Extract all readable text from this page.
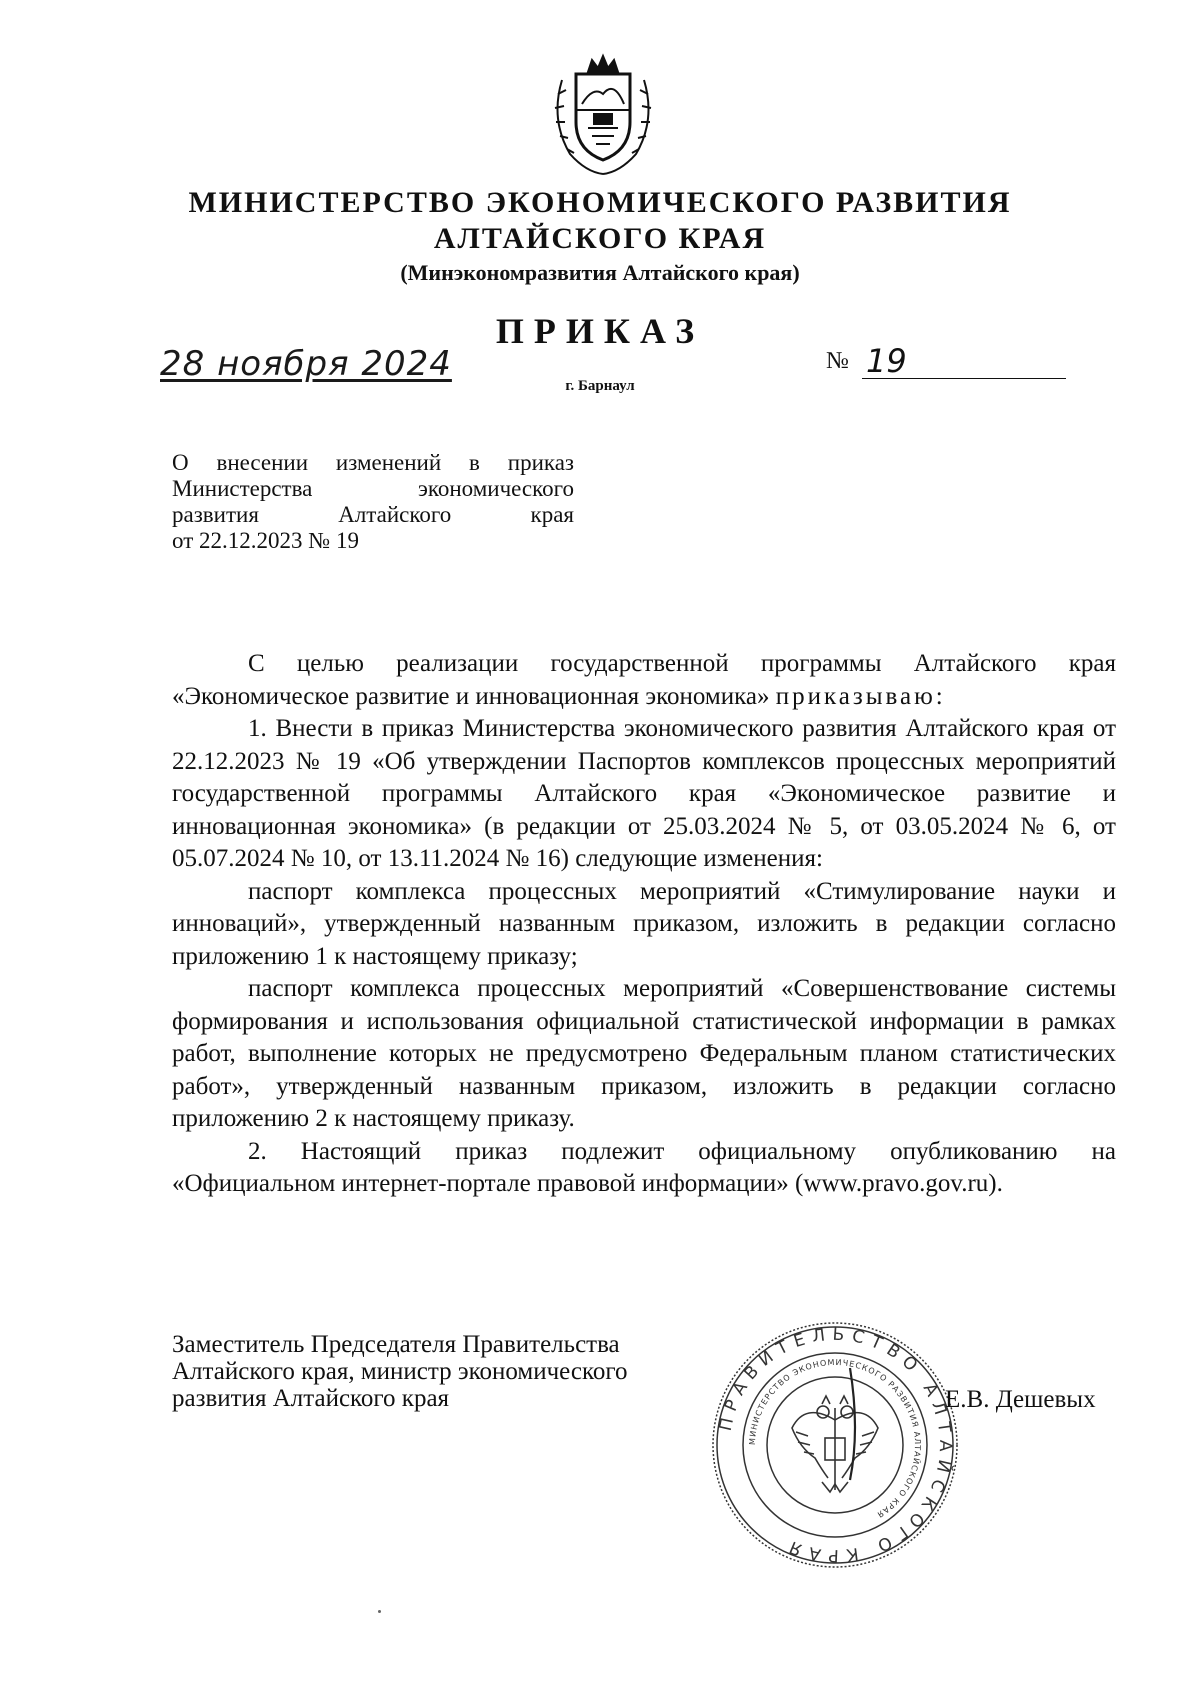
МИНИСТЕРСТВО ЭКОНОМИЧЕСКОГО РАЗВИТИЯ
АЛТАЙСКОГО КРАЯ
(Минэкономразвития Алтайского края)
ПРИКАЗ
28 ноября 2024	№ 19
г. Барнаул
О внесении изменений в приказ
Министерства экономического
развития Алтайского края
от 22.12.2023 № 19

С целью реализации государственной программы Алтайского края «Экономическое развитие и инновационная экономика» приказываю:

1. Внести в приказ Министерства экономического развития Алтайского края от 22.12.2023 № 19 «Об утверждении Паспортов комплексов процессных мероприятий государственной программы Алтайского края «Экономическое развитие и инновационная экономика» (в редакции от 25.03.2024 № 5, от 03.05.2024 № 6, от 05.07.2024 № 10, от 13.11.2024 № 16) следующие изменения:

паспорт комплекса процессных мероприятий «Стимулирование науки и инноваций», утвержденный названным приказом, изложить в редакции согласно приложению 1 к настоящему приказу;

паспорт комплекса процессных мероприятий «Совершенствование системы формирования и использования официальной статистической информации в рамках работ, выполнение которых не предусмотрено Федеральным планом статистических работ», утвержденный названным приказом, изложить в редакции согласно приложению 2 к настоящему приказу.

2. Настоящий приказ подлежит официальному опубликованию на «Официальном интернет-портале правовой информации» (www.pravo.gov.ru).

Заместитель Председателя Правительства
Алтайского края, министр экономического
развития Алтайского края
ПРАВИТЕЛЬСТВО АЛТАЙСКОГО КРАЯ
МИНИСТЕРСТВО ЭКОНОМИЧЕСКОГО РАЗВИТИЯ АЛТАЙСКОГО КРАЯ
Е.В. Дешевых
